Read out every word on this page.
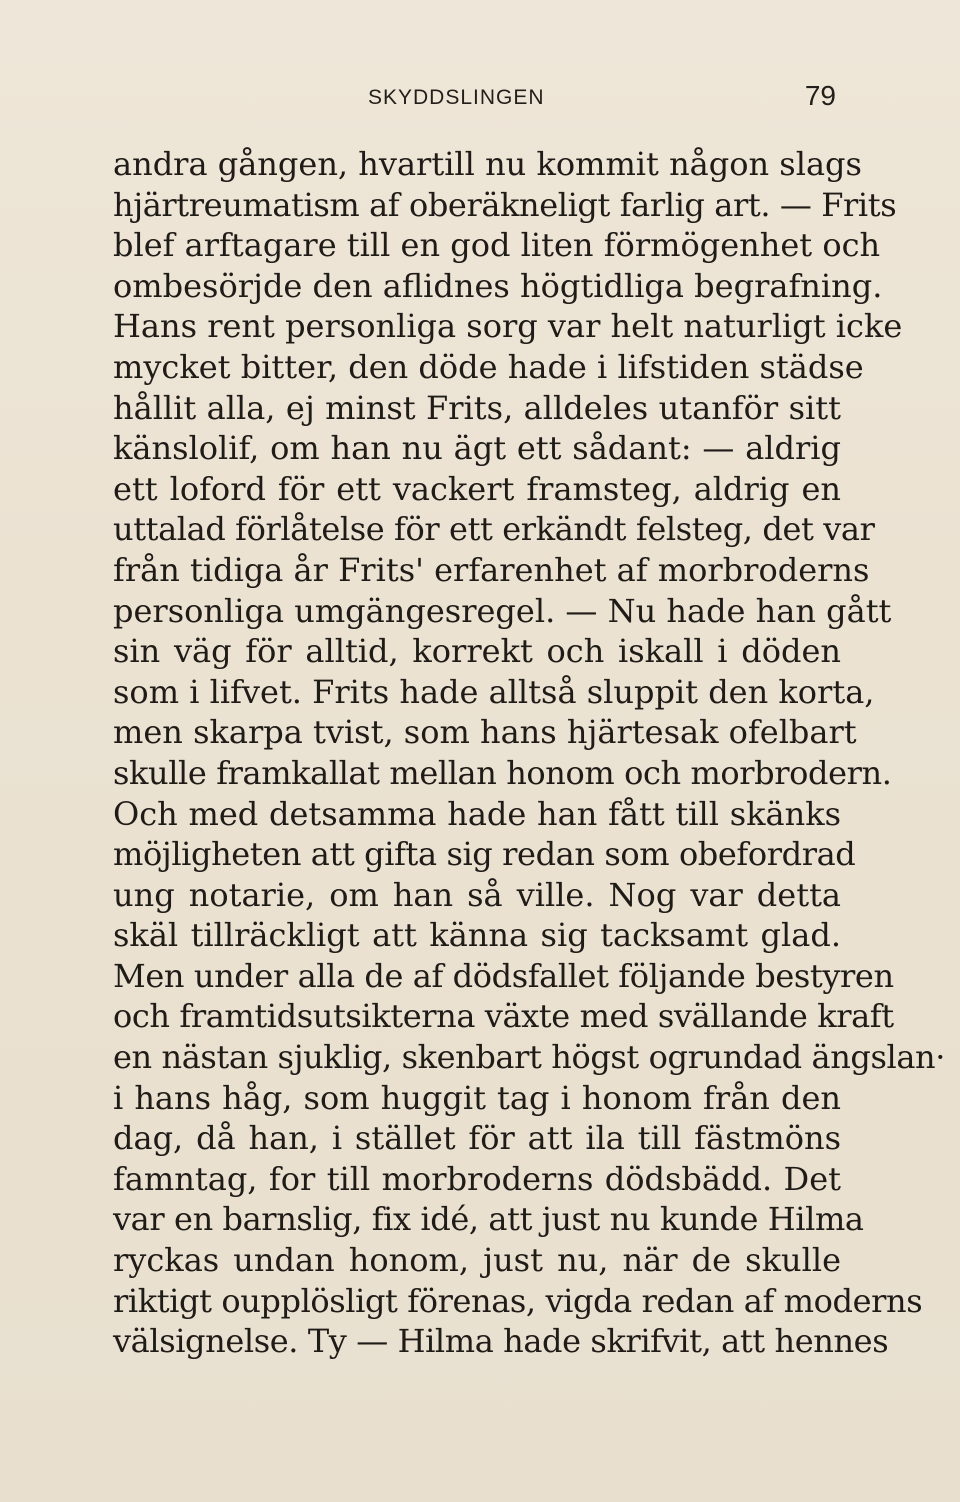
SKYDDSLINGEN	79
andra gången, hvartill nu kommit någon slags
hjärtreumatism af oberäkneligt farlig art. — Frits
blef arftagare till en god liten förmögenhet och
ombesörjde den aflidnes högtidliga begrafning.
Hans rent personliga sorg var helt naturligt icke
mycket bitter, den döde hade i lifstiden städse
hållit alla, ej minst Frits, alldeles utanför sitt
känslolif, om han nu ägt ett sådant: — aldrig
ett loford för ett vackert framsteg, aldrig en
uttalad förlåtelse för ett erkändt felsteg, det var
från tidiga år Frits' erfarenhet af morbroderns
personliga umgängesregel. — Nu hade han gått
sin väg för alltid, korrekt och iskall i döden
som i lifvet. Frits hade alltså sluppit den korta,
men skarpa tvist, som hans hjärtesak ofelbart
skulle framkallat mellan honom och morbrodern.
Och med detsamma hade han fått till skänks
möjligheten att gifta sig redan som obefordrad
ung notarie, om han så ville. Nog var detta
skäl tillräckligt att känna sig tacksamt glad.
Men under alla de af dödsfallet följande bestyren
och framtidsutsikterna växte med svällande kraft
en nästan sjuklig, skenbart högst ogrundad ängslan·
i hans håg, som huggit tag i honom från den
dag, då han, i stället för att ila till fästmöns
famntag, for till morbroderns dödsbädd. Det
var en barnslig, fix idé, att just nu kunde Hilma
ryckas undan honom, just nu, när de skulle
riktigt oupplösligt förenas, vigda redan af moderns
välsignelse. Ty — Hilma hade skrifvit, att hennes
